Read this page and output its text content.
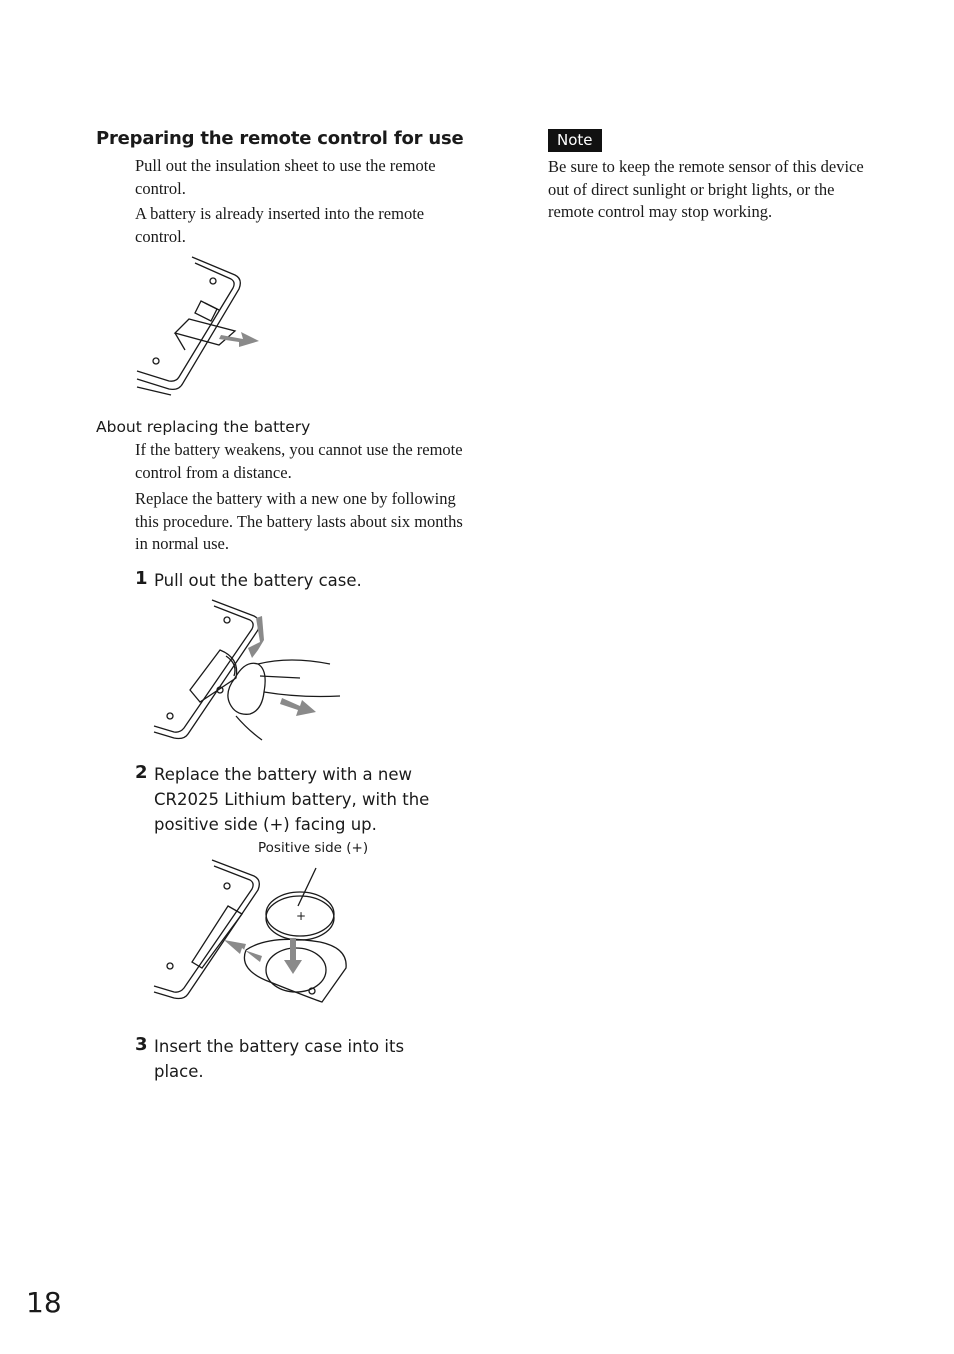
Preparing the remote control for use
Pull out the insulation sheet to use the remote control.
A battery is already inserted into the remote control.
About replacing the battery
If the battery weakens, you cannot use the remote control from a distance.
Replace the battery with a new one by following this procedure. The battery lasts about six months in normal use.
1 Pull out the battery case.
2 Replace the battery with a new CR2025 Lithium battery, with the positive side (+) facing up.
Positive side (+)
+
3 Insert the battery case into its place.
Note
Be sure to keep the remote sensor of this device out of direct sunlight or bright lights, or the remote control may stop working.
18
